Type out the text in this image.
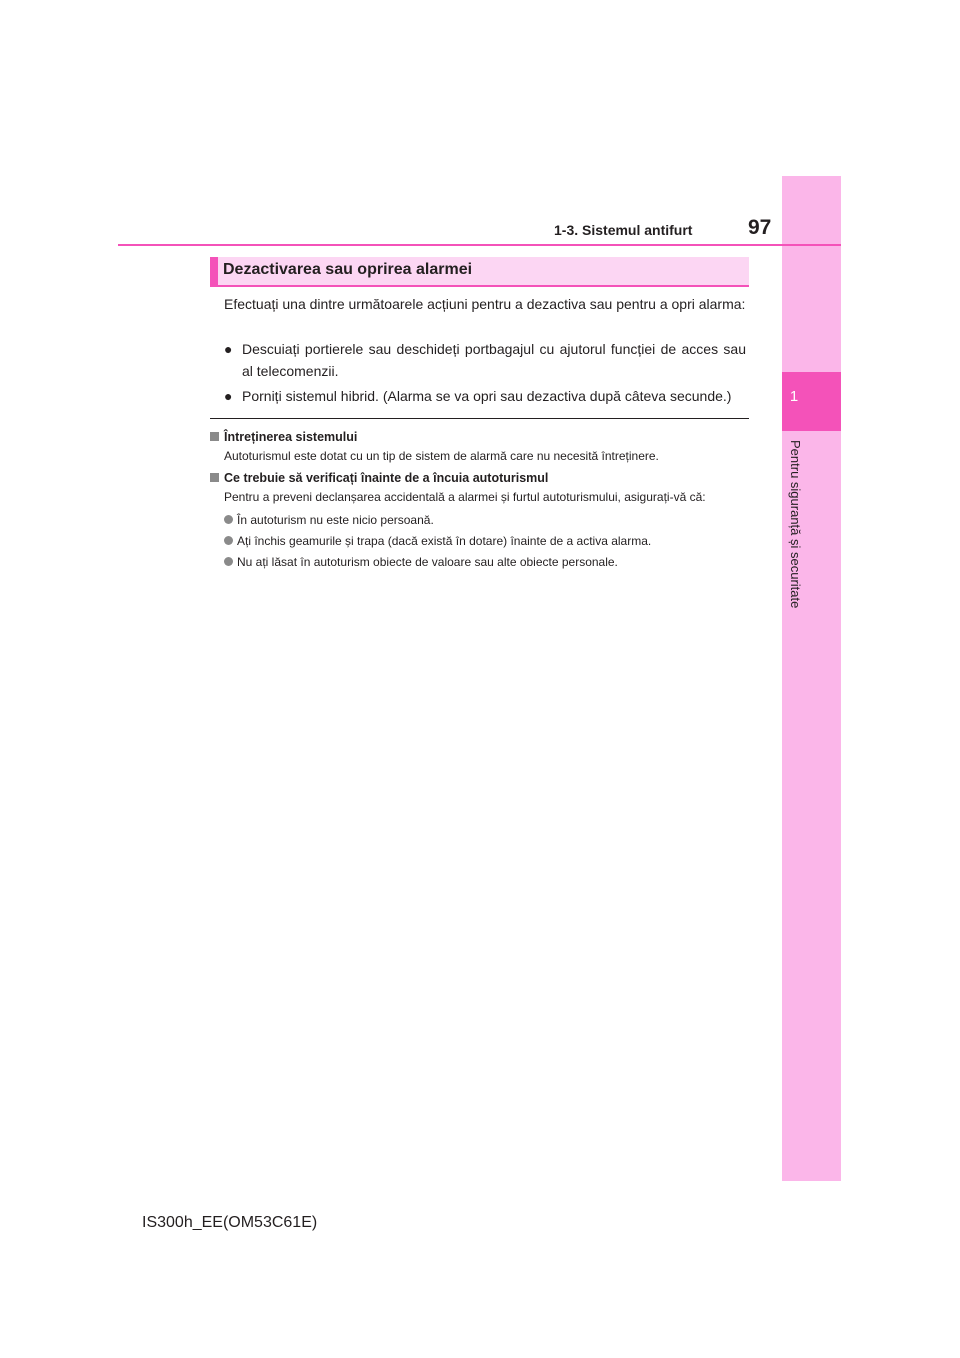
1
Pentru siguranță și securitate
1-3. Sistemul antifurt	97
Dezactivarea sau oprirea alarmei

Efectuați una dintre următoarele acțiuni pentru a dezactiva sau pentru a opri alarma:

● Descuiați portierele sau deschideți portbagajul cu ajutorul funcției de acces sau al telecomenzii.
● Porniți sistemul hibrid. (Alarma se va opri sau dezactiva după câteva secunde.)

Întreținerea sistemului

Autoturismul este dotat cu un tip de sistem de alarmă care nu necesită întreținere.

Ce trebuie să verificați înainte de a încuia autoturismul

Pentru a preveni declanșarea accidentală a alarmei și furtul autoturismului, asigurați-vă că:

În autoturism nu este nicio persoană.

Ați închis geamurile și trapa (dacă există în dotare) înainte de a activa alarma.

Nu ați lăsat în autoturism obiecte de valoare sau alte obiecte personale.

IS300h_EE(OM53C61E)
